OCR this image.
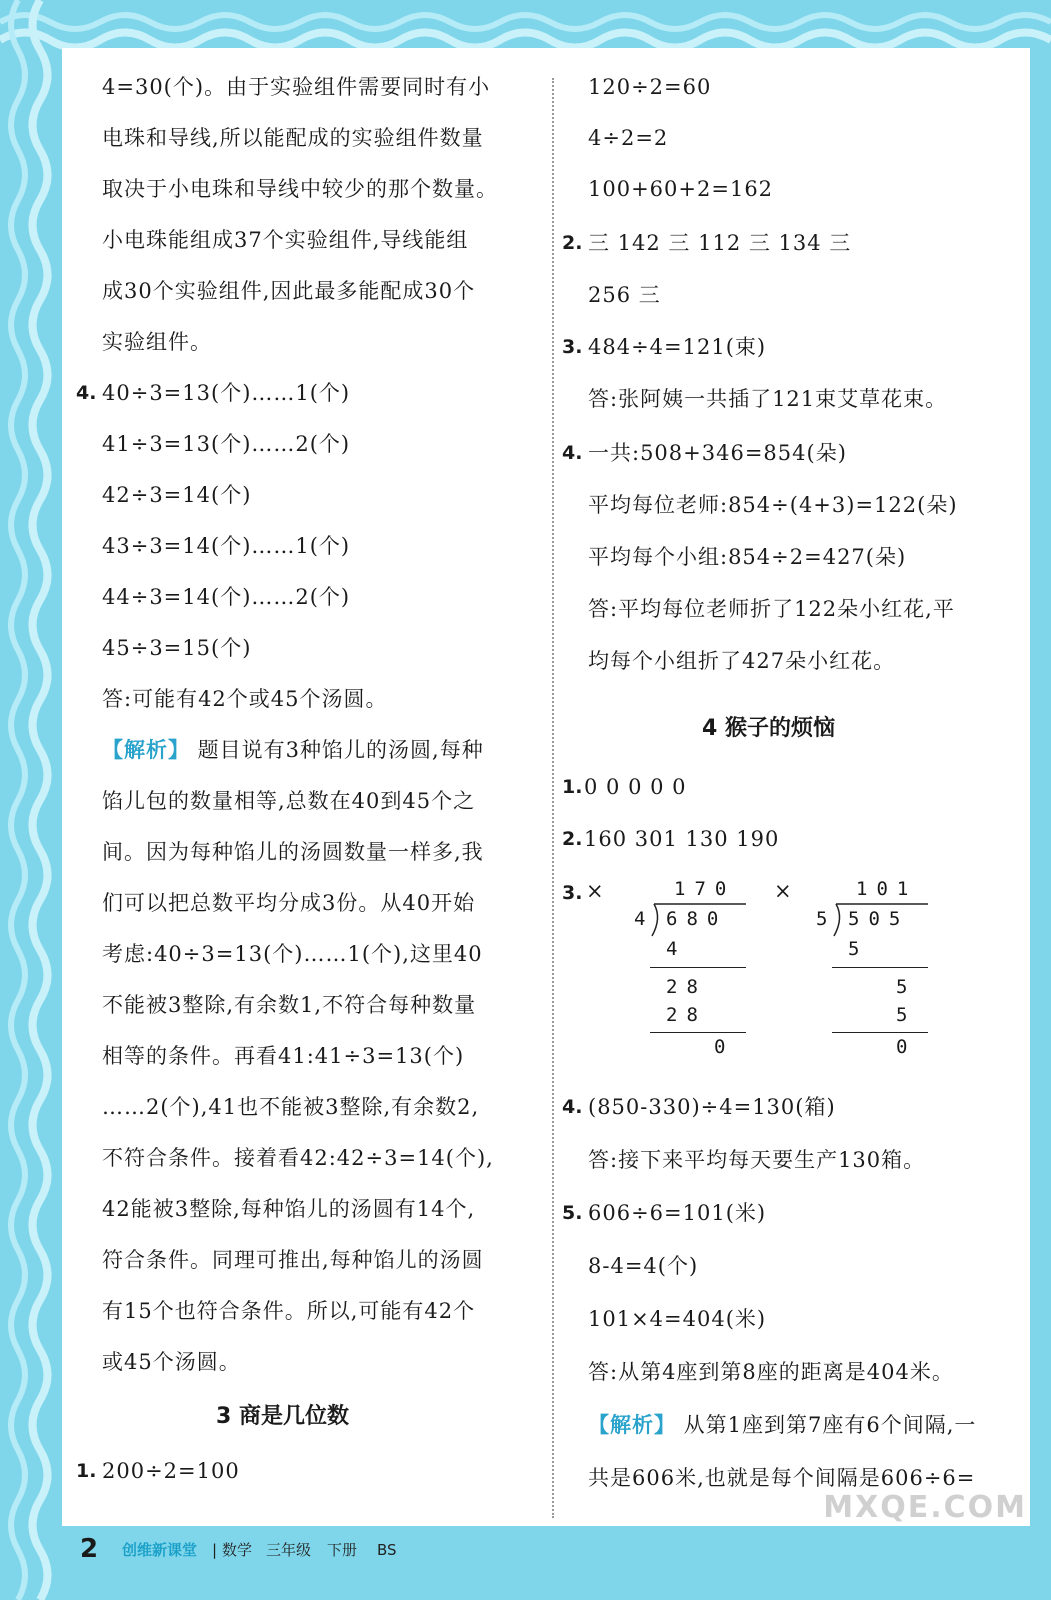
4=30(个)。由于实验组件需要同时有小
电珠和导线,所以能配成的实验组件数量
取决于小电珠和导线中较少的那个数量。
小电珠能组成37个实验组件,导线能组
成30个实验组件,因此最多能配成30个
实验组件。
4. 40÷3=13(个)……1(个)
41÷3=13(个)……2(个)
42÷3=14(个)
43÷3=14(个)……1(个)
44÷3=14(个)……2(个)
45÷3=15(个)
答:可能有42个或45个汤圆。
【解析】 题目说有3种馅儿的汤圆,每种
馅儿包的数量相等,总数在40到45个之
间。因为每种馅儿的汤圆数量一样多,我
们可以把总数平均分成3份。从40开始
考虑:40÷3=13(个)……1(个),这里40
不能被3整除,有余数1,不符合每种数量
相等的条件。再看41:41÷3=13(个)
……2(个),41也不能被3整除,有余数2,
不符合条件。接着看42:42÷3=14(个),
42能被3整除,每种馅儿的汤圆有14个,
符合条件。同理可推出,每种馅儿的汤圆
有15个也符合条件。所以,可能有42个
或45个汤圆。
3 商是几位数
1. 200÷2=100
120÷2=60
4÷2=2
100+60+2=162
2. 三 142 三 112 三 134 三
256 三
3. 484÷4=121(束)
答:张阿姨一共插了121束艾草花束。
4. 一共:508+346=854(朵)
平均每位老师:854÷(4+3)=122(朵)
平均每个小组:854÷2=427(朵)
答:平均每位老师折了122朵小红花,平
均每个小组折了427朵小红花。
4 猴子的烦恼
1. 0 0 0 0 0
2. 160 301 130 190
3. ×	×
170
4 680
4
28
28
0
101
5 505
5
5
5
0
4. (850-330)÷4=130(箱)
答:接下来平均每天要生产130箱。
5. 606÷6=101(米)
8-4=4(个)
101×4=404(米)
答:从第4座到第8座的距离是404米。
【解析】 从第1座到第7座有6个间隔,一
共是606米,也就是每个间隔是606÷6=
2 创维新课堂 | 数学 三年级 下册 BS
MXQE.COM
